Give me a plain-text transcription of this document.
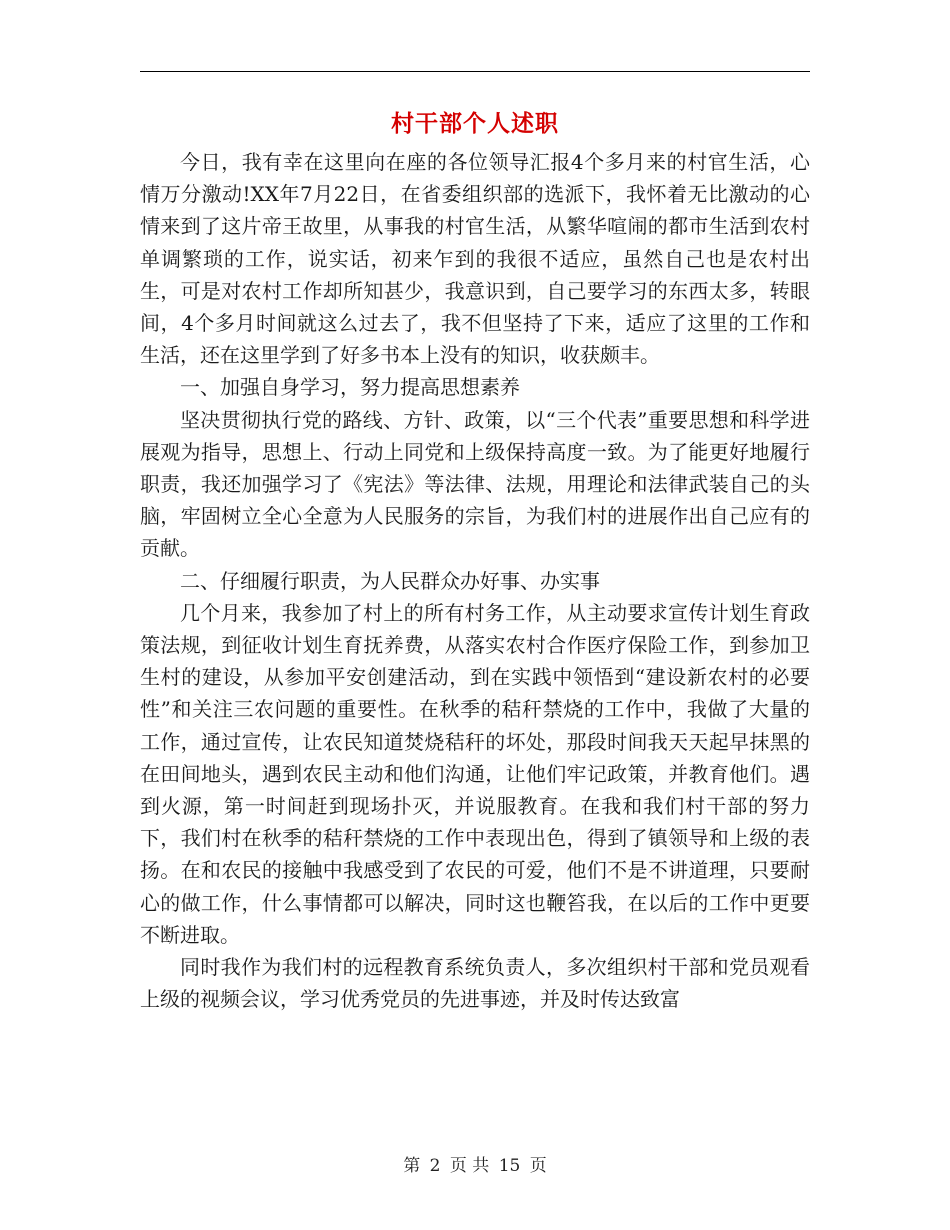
村干部个人述职

今日，我有幸在这里向在座的各位领导汇报4个多月来的村官生活，心情万分激动!XX年7月22日，在省委组织部的选派下，我怀着无比激动的心情来到了这片帝王故里，从事我的村官生活，从繁华喧闹的都市生活到农村单调繁琐的工作，说实话，初来乍到的我很不适应，虽然自己也是农村出生，可是对农村工作却所知甚少，我意识到，自己要学习的东西太多，转眼间，4个多月时间就这么过去了，我不但坚持了下来，适应了这里的工作和生活，还在这里学到了好多书本上没有的知识，收获颇丰。

一、加强自身学习，努力提高思想素养

坚决贯彻执行党的路线、方针、政策，以“三个代表”重要思想和科学进展观为指导，思想上、行动上同党和上级保持高度一致。为了能更好地履行职责，我还加强学习了《宪法》等法律、法规，用理论和法律武装自己的头脑，牢固树立全心全意为人民服务的宗旨，为我们村的进展作出自己应有的贡献。

二、仔细履行职责，为人民群众办好事、办实事

几个月来，我参加了村上的所有村务工作，从主动要求宣传计划生育政策法规，到征收计划生育抚养费，从落实农村合作医疗保险工作，到参加卫生村的建设，从参加平安创建活动，到在实践中领悟到“建设新农村的必要性”和关注三农问题的重要性。在秋季的秸秆禁烧的工作中，我做了大量的工作，通过宣传，让农民知道焚烧秸秆的坏处，那段时间我天天起早抹黑的在田间地头，遇到农民主动和他们沟通，让他们牢记政策，并教育他们。遇到火源，第一时间赶到现场扑灭，并说服教育。在我和我们村干部的努力下，我们村在秋季的秸秆禁烧的工作中表现出色，得到了镇领导和上级的表扬。在和农民的接触中我感受到了农民的可爱，他们不是不讲道理，只要耐心的做工作，什么事情都可以解决，同时这也鞭笞我，在以后的工作中更要不断进取。

同时我作为我们村的远程教育系统负责人，多次组织村干部和党员观看上级的视频会议，学习优秀党员的先进事迹，并及时传达致富

第 2 页 共 15 页
